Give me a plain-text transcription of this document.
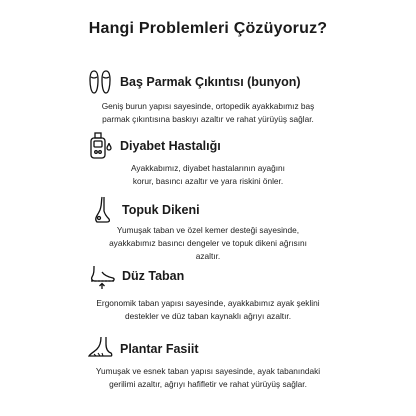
Hangi Problemleri Çözüyoruz?
Baş Parmak Çıkıntısı (bunyon)
Geniş burun yapısı sayesinde, ortopedik ayakkabımız baş
parmak çıkıntısına baskıyı azaltır ve rahat yürüyüş sağlar.
Diyabet Hastalığı
Ayakkabımız, diyabet hastalarının ayağını
korur, basıncı azaltır ve yara riskini önler.
Topuk Dikeni
Yumuşak taban ve özel kemer desteği sayesinde,
ayakkabımız basıncı dengeler ve topuk dikeni ağrısını
azaltır.
Düz Taban
Ergonomik taban yapısı sayesinde, ayakkabımız ayak şeklini
destekler ve düz taban kaynaklı ağrıyı azaltır.
Plantar Fasiit
Yumuşak ve esnek taban yapısı sayesinde, ayak tabanındaki
gerilimi azaltır, ağrıyı hafifletir ve rahat yürüyüş sağlar.
